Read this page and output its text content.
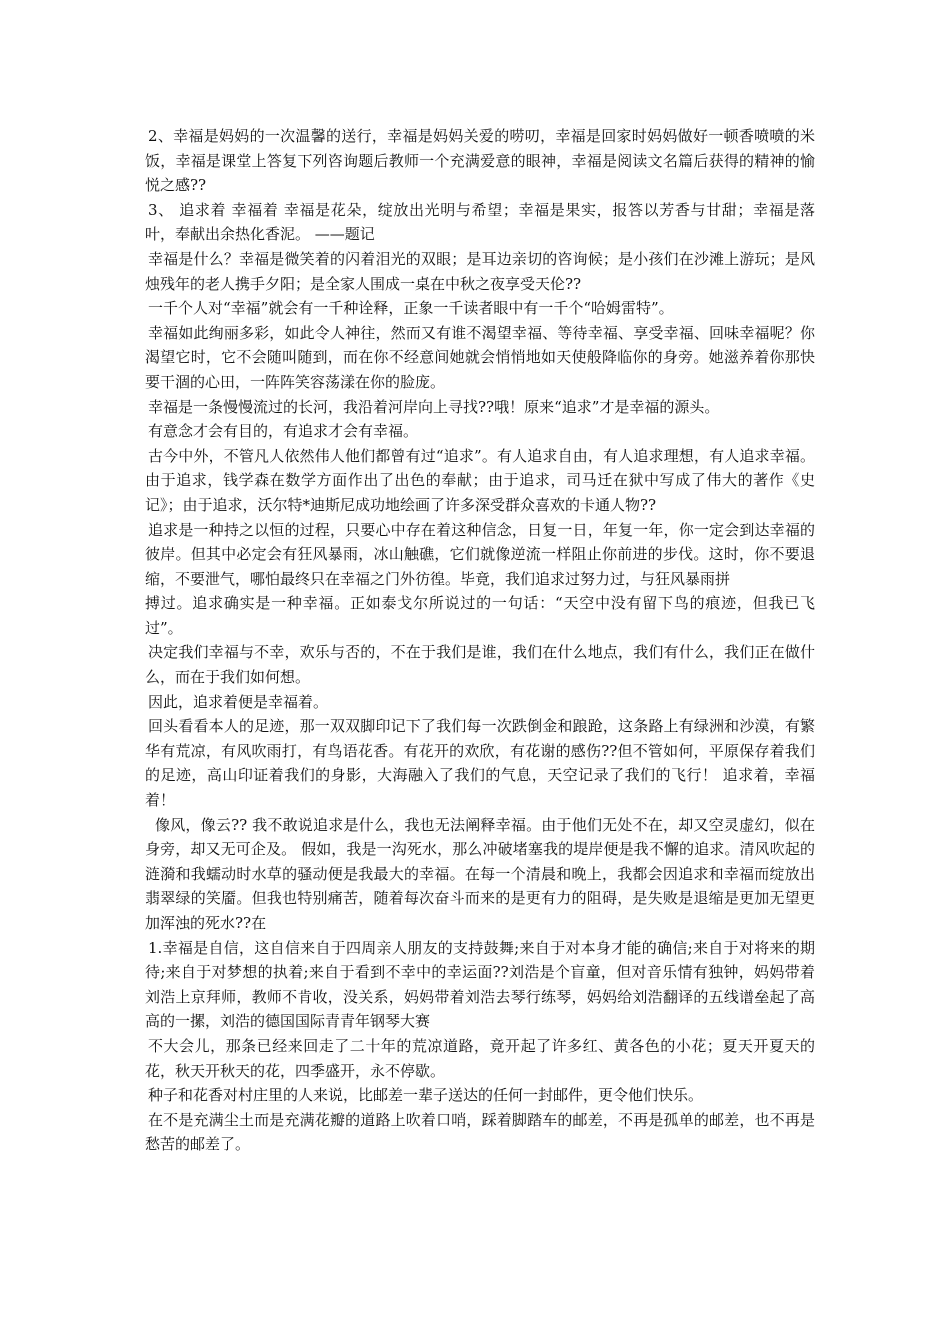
2、幸福是妈妈的一次温馨的送行，幸福是妈妈关爱的唠叨，幸福是回家时妈妈做好一顿香喷喷的米饭，幸福是课堂上答复下列咨询题后教师一个充满爱意的眼神，幸福是阅读文名篇后获得的精神的愉悦之感??

3、 追求着 幸福着 幸福是花朵，绽放出光明与希望；幸福是果实，报答以芳香与甘甜；幸福是落叶，奉献出余热化香泥。 ——题记

幸福是什么？幸福是微笑着的闪着泪光的双眼；是耳边亲切的咨询候；是小孩们在沙滩上游玩；是风烛残年的老人携手夕阳；是全家人围成一桌在中秋之夜享受天伦??

一千个人对“幸福”就会有一千种诠释，正象一千读者眼中有一千个“哈姆雷特”。

幸福如此绚丽多彩，如此令人神往，然而又有谁不渴望幸福、等待幸福、享受幸福、回味幸福呢？你渴望它时，它不会随叫随到，而在你不经意间她就会悄悄地如天使般降临你的身旁。她滋养着你那快要干涸的心田，一阵阵笑容荡漾在你的脸庞。

幸福是一条慢慢流过的长河，我沿着河岸向上寻找??哦！原来“追求”才是幸福的源头。

有意念才会有目的，有追求才会有幸福。

古今中外，不管凡人依然伟人他们都曾有过“追求”。有人追求自由，有人追求理想，有人追求幸福。由于追求，钱学森在数学方面作出了出色的奉献；由于追求，司马迁在狱中写成了伟大的著作《史记》；由于追求，沃尔特*迪斯尼成功地绘画了许多深受群众喜欢的卡通人物??

追求是一种持之以恒的过程，只要心中存在着这种信念，日复一日，年复一年，你一定会到达幸福的彼岸。但其中必定会有狂风暴雨，冰山触礁，它们就像逆流一样阻止你前进的步伐。这时，你不要退缩，不要泄气，哪怕最终只在幸福之门外彷徨。毕竟，我们追求过努力过，与狂风暴雨拼

搏过。追求确实是一种幸福。正如泰戈尔所说过的一句话：“天空中没有留下鸟的痕迹，但我已飞过”。

决定我们幸福与不幸，欢乐与否的，不在于我们是谁，我们在什么地点，我们有什么，我们正在做什么，而在于我们如何想。

因此，追求着便是幸福着。

回头看看本人的足迹，那一双双脚印记下了我们每一次跌倒金和踉跄，这条路上有绿洲和沙漠，有繁华有荒凉，有风吹雨打，有鸟语花香。有花开的欢欣，有花谢的感伤??但不管如何，平原保存着我们的足迹，高山印证着我们的身影，大海融入了我们的气息，天空记录了我们的飞行！ 追求着，幸福着！

像风，像云?? 我不敢说追求是什么，我也无法阐释幸福。由于他们无处不在，却又空灵虚幻，似在身旁，却又无可企及。 假如，我是一沟死水，那么冲破堵塞我的堤岸便是我不懈的追求。清风吹起的涟漪和我蠕动时水草的骚动便是我最大的幸福。在每一个清晨和晚上，我都会因追求和幸福而绽放出翡翠绿的笑靥。但我也特别痛苦，随着每次奋斗而来的是更有力的阻碍，是失败是退缩是更加无望更加浑浊的死水??在

1.幸福是自信，这自信来自于四周亲人朋友的支持鼓舞;来自于对本身才能的确信;来自于对将来的期待;来自于对梦想的执着;来自于看到不幸中的幸运面??刘浩是个盲童，但对音乐情有独钟，妈妈带着刘浩上京拜师，教师不肯收，没关系，妈妈带着刘浩去琴行练琴，妈妈给刘浩翻译的五线谱垒起了高高的一摞，刘浩的德国国际青青年钢琴大赛

不大会儿，那条已经来回走了二十年的荒凉道路，竟开起了许多红、黄各色的小花；夏天开夏天的花，秋天开秋天的花，四季盛开，永不停歇。

种子和花香对村庄里的人来说，比邮差一辈子送达的任何一封邮件，更令他们快乐。

在不是充满尘土而是充满花瓣的道路上吹着口哨，踩着脚踏车的邮差，不再是孤单的邮差，也不再是愁苦的邮差了。
